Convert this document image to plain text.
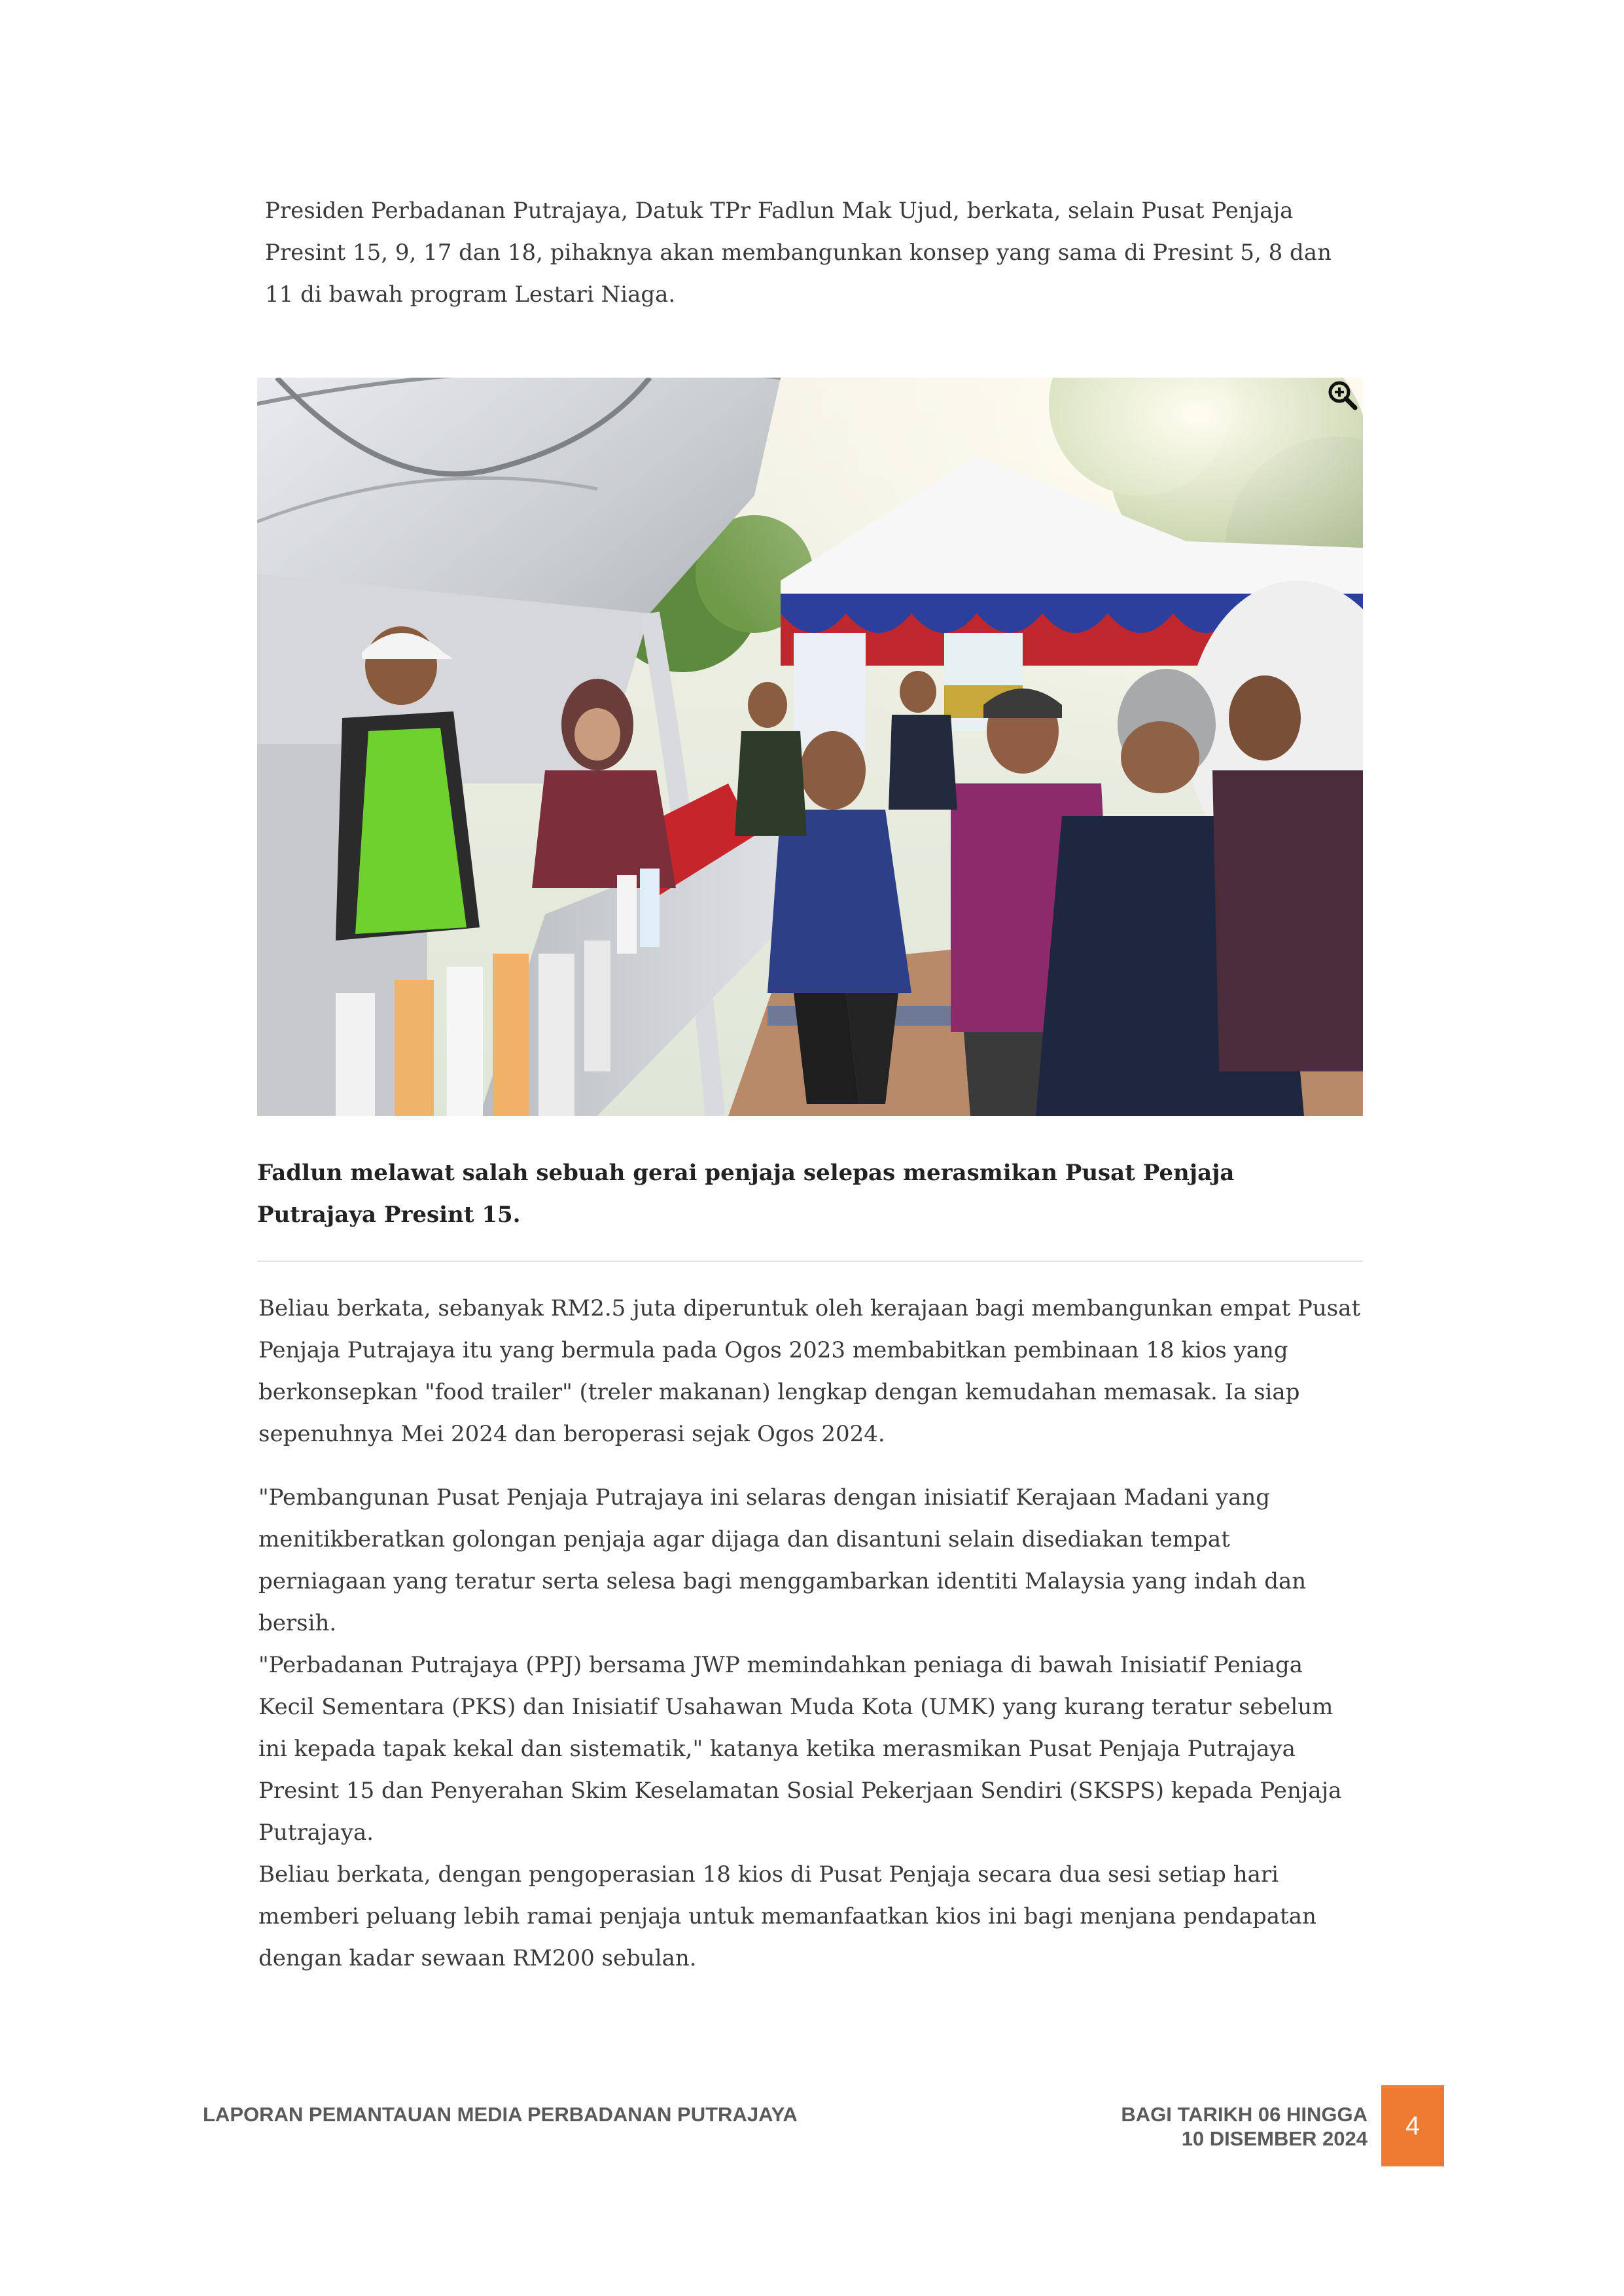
Presiden Perbadanan Putrajaya, Datuk TPr Fadlun Mak Ujud, berkata, selain Pusat Penjaja Presint 15, 9, 17 dan 18, pihaknya akan membangunkan konsep yang sama di Presint 5, 8 dan 11 di bawah program Lestari Niaga.

Fadlun melawat salah sebuah gerai penjaja selepas merasmikan Pusat Penjaja Putrajaya Presint 15.

Beliau berkata, sebanyak RM2.5 juta diperuntuk oleh kerajaan bagi membangunkan empat Pusat Penjaja Putrajaya itu yang bermula pada Ogos 2023 membabitkan pembinaan 18 kios yang berkonsepkan "food trailer" (treler makanan) lengkap dengan kemudahan memasak. Ia siap sepenuhnya Mei 2024 dan beroperasi sejak Ogos 2024.

"Pembangunan Pusat Penjaja Putrajaya ini selaras dengan inisiatif Kerajaan Madani yang menitikberatkan golongan penjaja agar dijaga dan disantuni selain disediakan tempat perniagaan yang teratur serta selesa bagi menggambarkan identiti Malaysia yang indah dan bersih.

"Perbadanan Putrajaya (PPJ) bersama JWP memindahkan peniaga di bawah Inisiatif Peniaga Kecil Sementara (PKS) dan Inisiatif Usahawan Muda Kota (UMK) yang kurang teratur sebelum ini kepada tapak kekal dan sistematik," katanya ketika merasmikan Pusat Penjaja Putrajaya Presint 15 dan Penyerahan Skim Keselamatan Sosial Pekerjaan Sendiri (SKSPS) kepada Penjaja Putrajaya.

Beliau berkata, dengan pengoperasian 18 kios di Pusat Penjaja secara dua sesi setiap hari memberi peluang lebih ramai penjaja untuk memanfaatkan kios ini bagi menjana pendapatan dengan kadar sewaan RM200 sebulan.

LAPORAN PEMANTAUAN MEDIA PERBADANAN PUTRAJAYA	BAGI TARIKH 06 HINGGA
10 DISEMBER 2024	4
